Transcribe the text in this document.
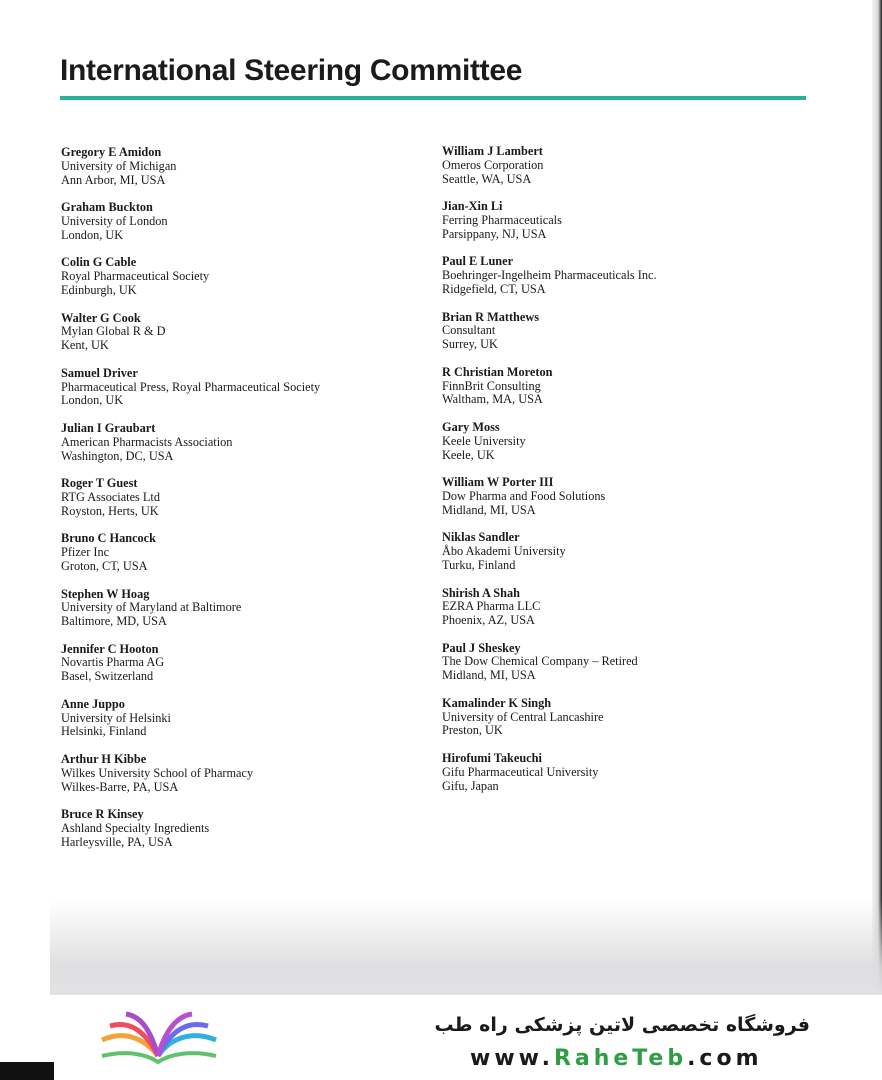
International Steering Committee
Gregory E Amidon
University of Michigan
Ann Arbor, MI, USA
Graham Buckton
University of London
London, UK
Colin G Cable
Royal Pharmaceutical Society
Edinburgh, UK
Walter G Cook
Mylan Global R & D
Kent, UK
Samuel Driver
Pharmaceutical Press, Royal Pharmaceutical Society
London, UK
Julian I Graubart
American Pharmacists Association
Washington, DC, USA
Roger T Guest
RTG Associates Ltd
Royston, Herts, UK
Bruno C Hancock
Pfizer Inc
Groton, CT, USA
Stephen W Hoag
University of Maryland at Baltimore
Baltimore, MD, USA
Jennifer C Hooton
Novartis Pharma AG
Basel, Switzerland
Anne Juppo
University of Helsinki
Helsinki, Finland
Arthur H Kibbe
Wilkes University School of Pharmacy
Wilkes-Barre, PA, USA
Bruce R Kinsey
Ashland Specialty Ingredients
Harleysville, PA, USA
William J Lambert
Omeros Corporation
Seattle, WA, USA
Jian-Xin Li
Ferring Pharmaceuticals
Parsippany, NJ, USA
Paul E Luner
Boehringer-Ingelheim Pharmaceuticals Inc.
Ridgefield, CT, USA
Brian R Matthews
Consultant
Surrey, UK
R Christian Moreton
FinnBrit Consulting
Waltham, MA, USA
Gary Moss
Keele University
Keele, UK
William W Porter III
Dow Pharma and Food Solutions
Midland, MI, USA
Niklas Sandler
Åbo Akademi University
Turku, Finland
Shirish A Shah
EZRA Pharma LLC
Phoenix, AZ, USA
Paul J Sheskey
The Dow Chemical Company – Retired
Midland, MI, USA
Kamalinder K Singh
University of Central Lancashire
Preston, UK
Hirofumi Takeuchi
Gifu Pharmaceutical University
Gifu, Japan
فروشگاه تخصصی لاتین پزشکی راه طب
www.RaheTeb.com
